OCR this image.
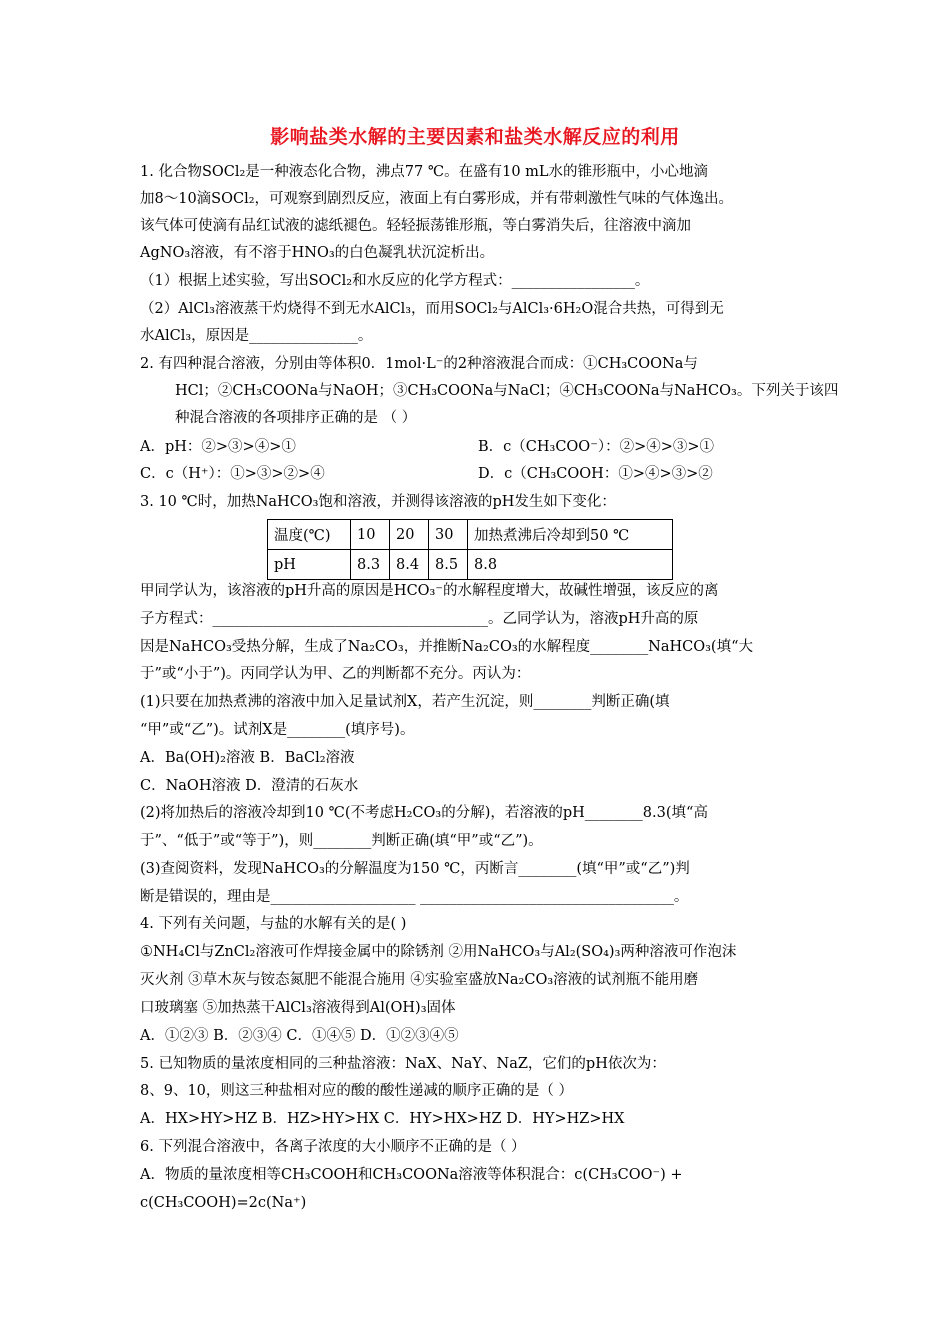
影响盐类水解的主要因素和盐类水解反应的利用
1. 化合物SOCl₂是一种液态化合物，沸点77 ℃。在盛有10 mL水的锥形瓶中，小心地滴
加8～10滴SOCl₂，可观察到剧烈反应，液面上有白雾形成，并有带刺激性气味的气体逸出。
该气体可使滴有品红试液的滤纸褪色。轻轻振荡锥形瓶，等白雾消失后，往溶液中滴加
AgNO₃溶液，有不溶于HNO₃的白色凝乳状沉淀析出。
（1）根据上述实验，写出SOCl₂和水反应的化学方程式：_________________。
（2）AlCl₃溶液蒸干灼烧得不到无水AlCl₃，而用SOCl₂与AlCl₃·6H₂O混合共热，可得到无
水AlCl₃，原因是_______________。
2. 有四种混合溶液，分别由等体积0．1mol·L⁻的2种溶液混合而成：①CH₃COONa与
HCl；②CH₃COONa与NaOH；③CH₃COONa与NaCl；④CH₃COONa与NaHCO₃。下列关于该四
种混合溶液的各项排序正确的是 （ ）
A．pH：②>③>④>①	B．c（CH₃COO⁻）：②>④>③>①
C．c（H⁺）：①>③>②>④	D．c（CH₃COOH：①>④>③>②
3. 10 ℃时，加热NaHCO₃饱和溶液，并测得该溶液的pH发生如下变化：
温度(℃)	10	20	30	加热煮沸后冷却到50 ℃
pH	8.3	8.4	8.5	8.8
甲同学认为，该溶液的pH升高的原因是HCO₃⁻的水解程度增大，故碱性增强，该反应的离
子方程式：______________________________________。乙同学认为，溶液pH升高的原
因是NaHCO₃受热分解，生成了Na₂CO₃，并推断Na₂CO₃的水解程度________NaHCO₃(填“大
于”或“小于”)。丙同学认为甲、乙的判断都不充分。丙认为：
(1)只要在加热煮沸的溶液中加入足量试剂X，若产生沉淀，则________判断正确(填
“甲”或“乙”)。试剂X是________(填序号)。
A．Ba(OH)₂溶液 B．BaCl₂溶液
C．NaOH溶液 D．澄清的石灰水
(2)将加热后的溶液冷却到10 ℃(不考虑H₂CO₃的分解)，若溶液的pH________8.3(填“高
于”、“低于”或“等于”)，则________判断正确(填“甲”或“乙”)。
(3)查阅资料，发现NaHCO₃的分解温度为150 ℃，丙断言________(填“甲”或“乙”)判
断是错误的，理由是____________________ ___________________________________。
4. 下列有关问题，与盐的水解有关的是( )
①NH₄Cl与ZnCl₂溶液可作焊接金属中的除锈剂 ②用NaHCO₃与Al₂(SO₄)₃两种溶液可作泡沫
灭火剂 ③草木灰与铵态氮肥不能混合施用 ④实验室盛放Na₂CO₃溶液的试剂瓶不能用磨
口玻璃塞 ⑤加热蒸干AlCl₃溶液得到Al(OH)₃固体
A．①②③ B．②③④ C．①④⑤ D．①②③④⑤
5. 已知物质的量浓度相同的三种盐溶液：NaX、NaY、NaZ，它们的pH依次为：
8、9、10，则这三种盐相对应的酸的酸性递减的顺序正确的是（ ）
A．HX>HY>HZ B．HZ>HY>HX C．HY>HX>HZ D．HY>HZ>HX
6. 下列混合溶液中，各离子浓度的大小顺序不正确的是（ ）
A．物质的量浓度相等CH₃COOH和CH₃COONa溶液等体积混合：c(CH₃COO⁻) +
c(CH₃COOH)=2c(Na⁺)
